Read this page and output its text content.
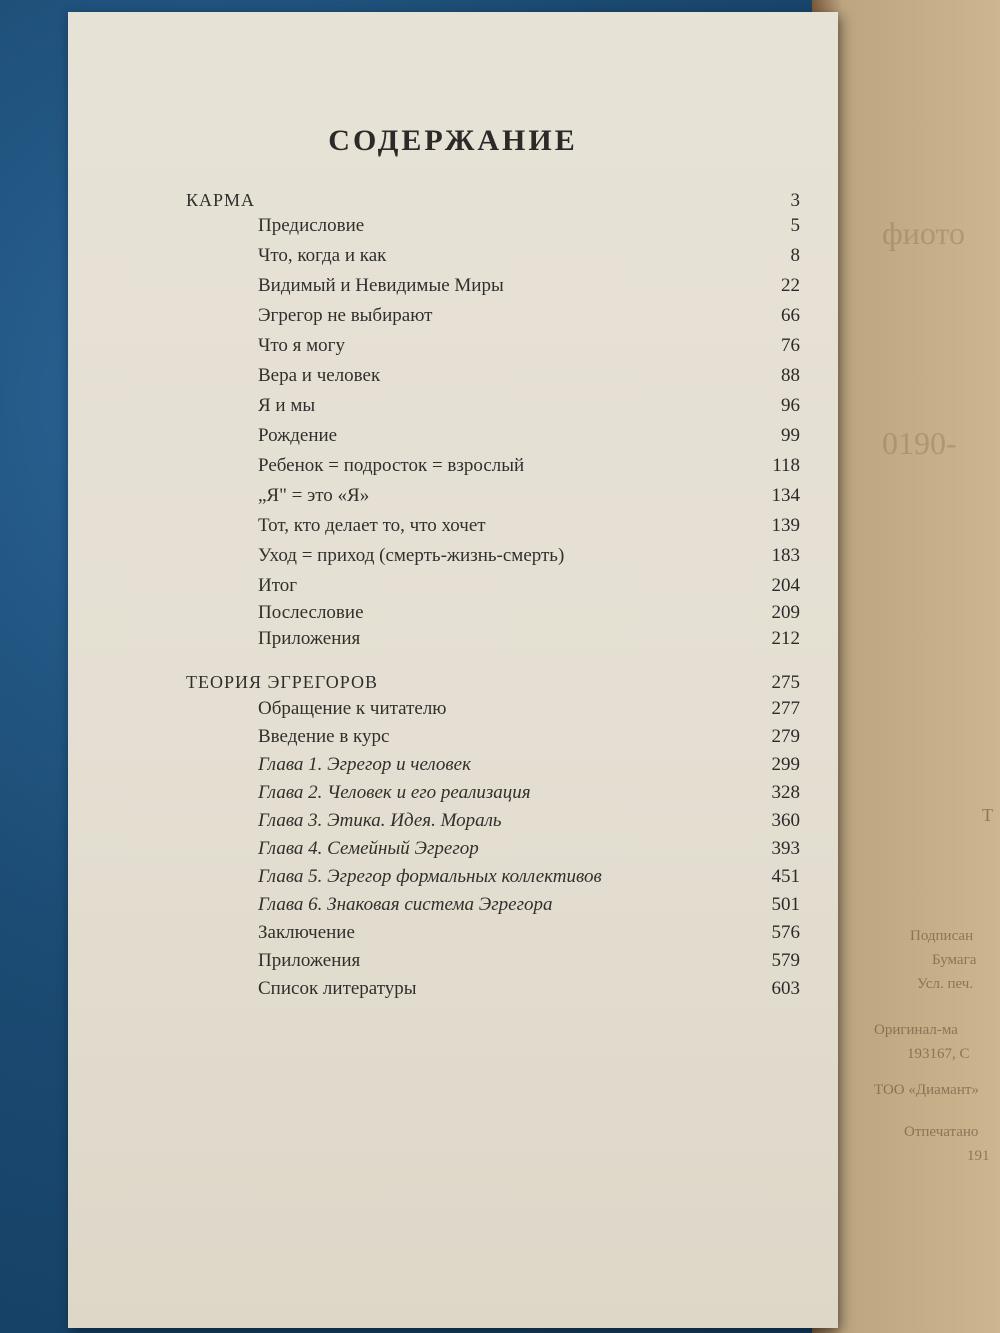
фиото
0190-
Т
Подписан
Бумага
Усл. печ.
Оригинал-ма
193167, С
ТОО «Диамант»
Отпечатано
191
СОДЕРЖАНИЕ
КАРМА	3
Предисловие	5
Что, когда и как	8
Видимый и Невидимые Миры	22
Эгрегор не выбирают	66
Что я могу	76
Вера и человек	88
Я и мы	96
Рождение	99
Ребенок = подросток = взрослый	118
„Я" = это «Я»	134
Тот, кто делает то, что хочет	139
Уход = приход (смерть-жизнь-смерть)	183
Итог	204
Послесловие	209
Приложения	212
ТЕОРИЯ ЭГРЕГОРОВ	275
Обращение к читателю	277
Введение в курс	279
Глава 1. Эгрегор и человек	299
Глава 2. Человек и его реализация	328
Глава 3. Этика. Идея. Мораль	360
Глава 4. Семейный Эгрегор	393
Глава 5. Эгрегор формальных коллективов	451
Глава 6. Знаковая система Эгрегора	501
Заключение	576
Приложения	579
Список литературы	603
